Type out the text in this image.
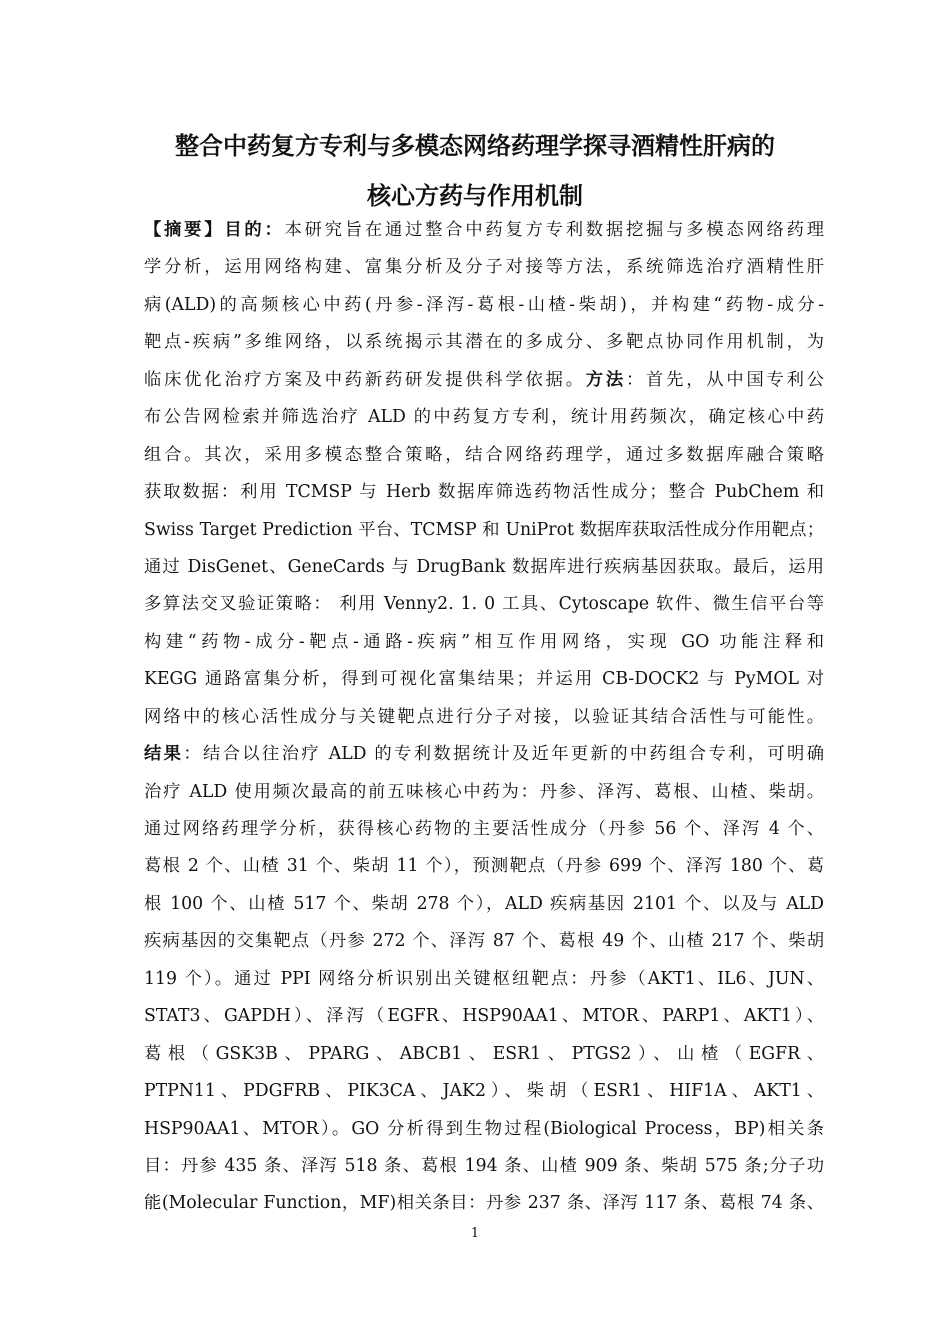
整合中药复方专利与多模态网络药理学探寻酒精性肝病的
核心方药与作用机制
【摘要】目的：本研究旨在通过整合中药复方专利数据挖掘与多模态网络药理
学分析，运用网络构建、富集分析及分子对接等方法，系统筛选治疗酒精性肝
病(ALD)的高频核心中药(丹参-泽泻-葛根-山楂-柴胡)，并构建“药物-成分-
靶点-疾病”多维网络，以系统揭示其潜在的多成分、多靶点协同作用机制，为
临床优化治疗方案及中药新药研发提供科学依据。方法：首先，从中国专利公
布公告网检索并筛选治疗 ALD 的中药复方专利，统计用药频次，确定核心中药
组合。其次，采用多模态整合策略，结合网络药理学，通过多数据库融合策略
获取数据：利用 TCMSP 与 Herb 数据库筛选药物活性成分；整合 PubChem 和
Swiss Target Prediction 平台、TCMSP 和 UniProt 数据库获取活性成分作用靶点；
通过 DisGenet、GeneCards 与 DrugBank 数据库进行疾病基因获取。最后，运用
多算法交叉验证策略： 利用 Venny2. 1. 0 工具、Cytoscape 软件、微生信平台等
构建“药物-成分-靶点-通路-疾病”相互作用网络，实现 GO 功能注释和
KEGG 通路富集分析，得到可视化富集结果；并运用 CB-DOCK2 与 PyMOL 对
网络中的核心活性成分与关键靶点进行分子对接，以验证其结合活性与可能性。
结果：结合以往治疗 ALD 的专利数据统计及近年更新的中药组合专利，可明确
治疗 ALD 使用频次最高的前五味核心中药为：丹参、泽泻、葛根、山楂、柴胡。
通过网络药理学分析，获得核心药物的主要活性成分（丹参 56 个、泽泻 4 个、
葛根 2 个、山楂 31 个、柴胡 11 个），预测靶点（丹参 699 个、泽泻 180 个、葛
根 100 个、山楂 517 个、柴胡 278 个），ALD 疾病基因 2101 个、以及与 ALD
疾病基因的交集靶点（丹参 272 个、泽泻 87 个、葛根 49 个、山楂 217 个、柴胡
119 个）。通过 PPI 网络分析识别出关键枢纽靶点：丹参（AKT1、IL6、JUN、
STAT3、GAPDH）、泽泻（EGFR、HSP90AA1、MTOR、PARP1、AKT1）、
葛根（GSK3B、PPARG、ABCB1、ESR1、PTGS2）、山楂（EGFR、
PTPN11、PDGFRB、PIK3CA、JAK2）、柴胡（ESR1、HIF1A、AKT1、
HSP90AA1、MTOR）。GO 分析得到生物过程(Biological Process，BP)相关条
目：丹参 435 条、泽泻 518 条、葛根 194 条、山楂 909 条、柴胡 575 条;分子功
能(Molecular Function，MF)相关条目：丹参 237 条、泽泻 117 条、葛根 74 条、
1
